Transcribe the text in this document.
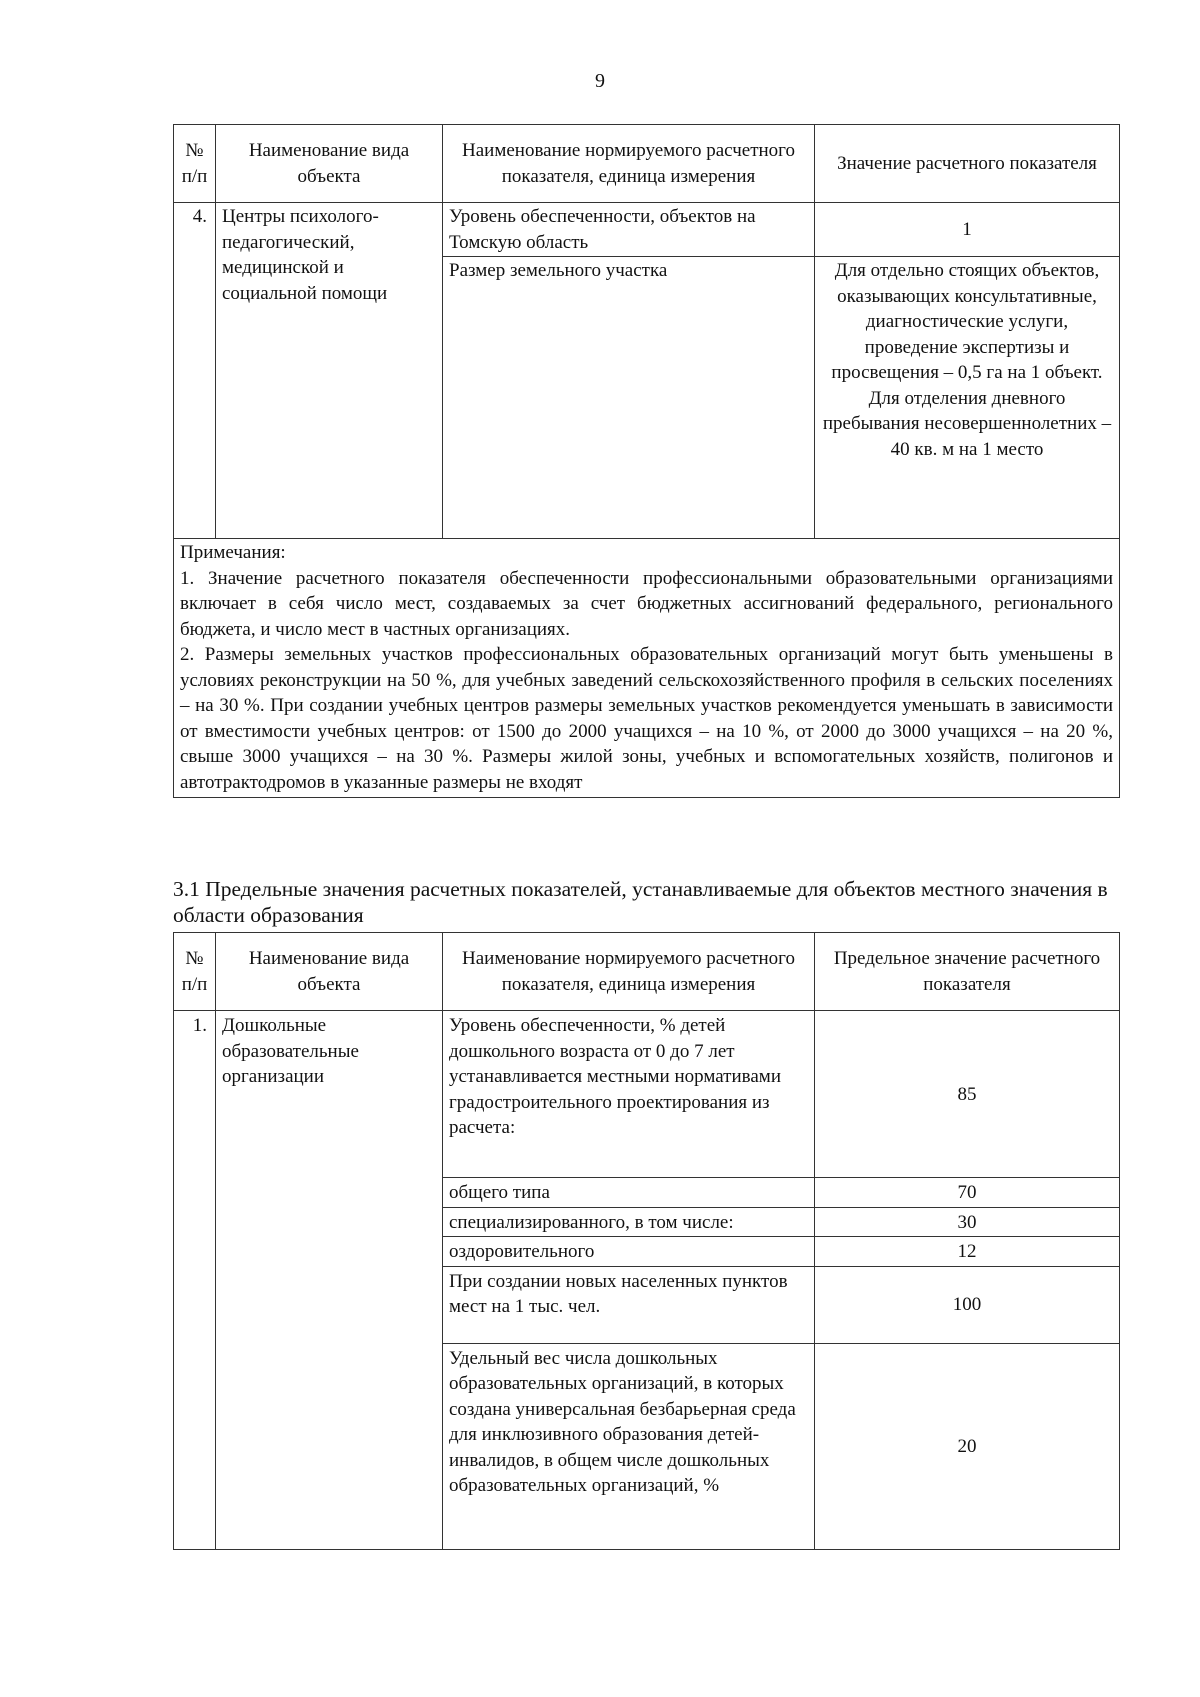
9
№ п/п	Наименование вида объекта	Наименование нормируемого расчетного показателя, единица измерения	Значение расчетного показателя
4.	Центры психолого-педагогический, медицинской и социальной помощи	Уровень обеспеченности, объектов на Томскую область	1
		Размер земельного участка	Для отдельно стоящих объектов, оказывающих консультативные, диагностические услуги, проведение экспертизы и просвещения – 0,5 га на 1 объект. Для отделения дневного пребывания несовершеннолетних – 40 кв. м на 1 место

Примечания:

1. Значение расчетного показателя обеспеченности профессиональными образовательными организациями включает в себя число мест, создаваемых за счет бюджетных ассигнований федерального, регионального бюджета, и число мест в частных организациях.

2. Размеры земельных участков профессиональных образовательных организаций могут быть уменьшены в условиях реконструкции на 50 %, для учебных заведений сельскохозяйственного профиля в сельских поселениях – на 30 %. При создании учебных центров размеры земельных участков рекомендуется уменьшать в зависимости от вместимости учебных центров: от 1500 до 2000 учащихся – на 10 %, от 2000 до 3000 учащихся – на 20 %, свыше 3000 учащихся – на 30 %. Размеры жилой зоны, учебных и вспомогательных хозяйств, полигонов и автотрактодромов в указанные размеры не входят			

3.1 Предельные значения расчетных показателей, устанавливаемые для объектов местного значения в области образования
№ п/п	Наименование вида объекта	Наименование нормируемого расчетного показателя, единица измерения	Предельное значение расчетного показателя
1.	Дошкольные образовательные организации	Уровень обеспеченности, % детей дошкольного возраста от 0 до 7 лет устанавливается местными нормативами градостроительного проектирования из расчета:	85
		общего типа	70
		специализированного, в том числе:	30
		оздоровительного	12
		При создании новых населенных пунктов мест на 1 тыс. чел.	100
		Удельный вес числа дошкольных образовательных организаций, в которых создана универсальная безбарьерная среда для инклюзивного образования детей-инвалидов, в общем числе дошкольных образовательных организаций, %	20
